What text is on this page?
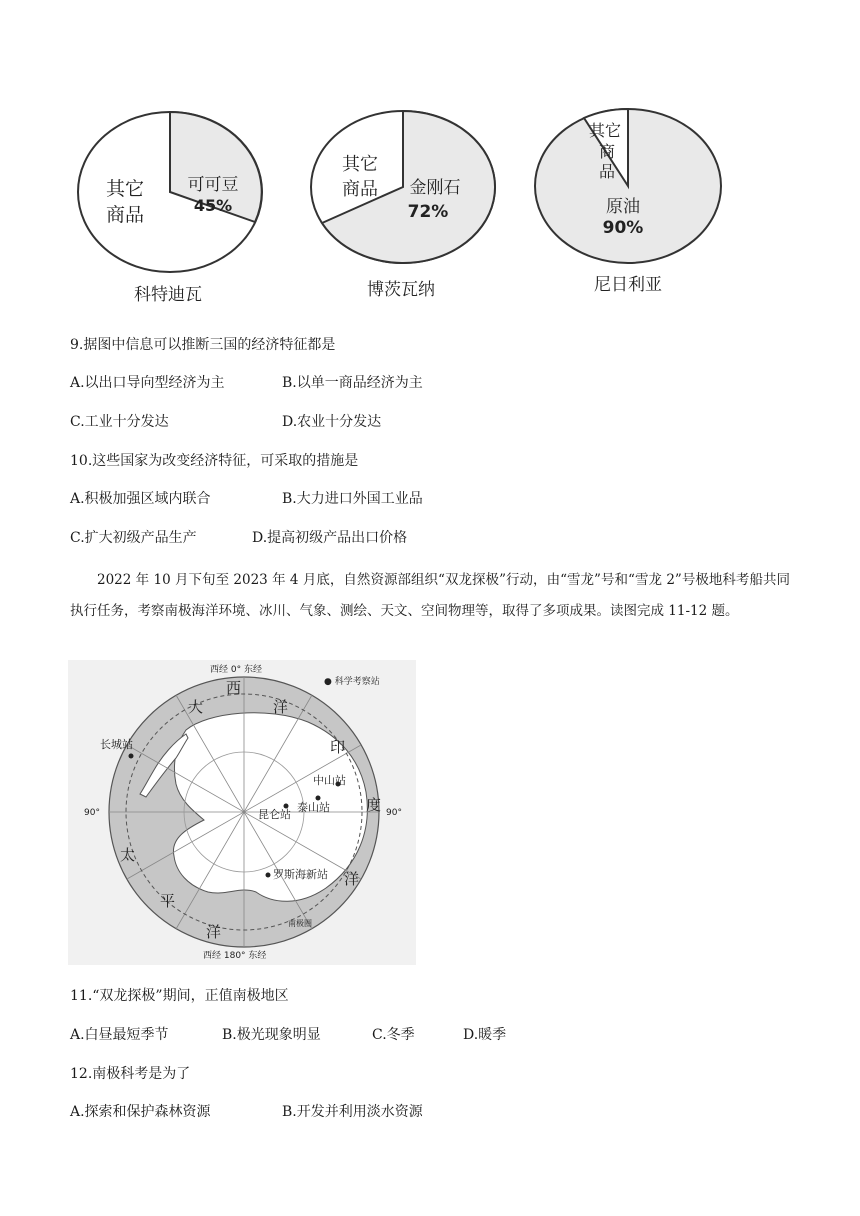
其它
商品
可可豆
45%
科特迪瓦
其它
商品 金刚石
72%
博茨瓦纳
其 它
商
品
原油
90%
尼日利亚
9.据图中信息可以推断三国的经济特征都是
A.以出口导向型经济为主	B.以单一商品经济为主
C.工业十分发达	D.农业十分发达
10.这些国家为改变经济特征，可采取的措施是
A.积极加强区域内联合	B.大力进口外国工业品
C.扩大初级产品生产	D.提高初级产品出口价格
2022 年 10 月下旬至 2023 年 4 月底，自然资源部组织“双龙探极”行动，由“雪龙”号和“雪龙 2”号极地科考船共同执行任务，考察南极海洋环境、冰川、气象、测绘、天文、空间物理等，取得了多项成果。读图完成 11-12 题。
西经 0° 东经
西经 180° 东经
● 科学考察站
90°	90°
大
西
洋
印
度
洋
太
平
洋
长城站
中山站
泰山站
昆仑站
罗斯海新站
南极圈
11.“双龙探极”期间，正值南极地区
A.白昼最短季节	B.极光现象明显	C.冬季	D.暖季
12.南极科考是为了
A.探索和保护森林资源	B.开发并利用淡水资源
